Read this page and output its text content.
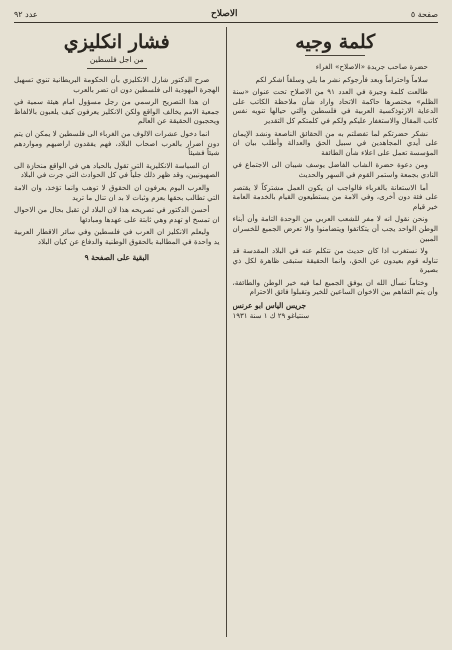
صفحة ٥
الاصلاح
عدد ٩٢
كلمة وجيه

حضرة صاحب جريدة «الاصلاح» الغراء

سلاماً واحتراماً وبعد فأرجوكم نشر ما يلي وسلفاً اشكر لكم

طالعت كلمة وجيزة في العدد ٩١ من الاصلاح تحت عنوان «سنة الظلم» مختصرها حاكمة الاتحاد واراد شأن ملاحظة الكاتب على الدعاية الارثوذكسية العربية في فلسطين والتي حيالها تنويه نفس كاتب المقال والاستغفار عليكم ولكم في كلمتكم كل التقدير

نشكر حضرتكم لما تفضلتم به من الحقائق الناصعة ونشد الإيمان على أيدي المجاهدين في سبيل الحق والعدالة وأطلب بيان ان المؤسسة تعمل على اعلاء شأن الطائفة

ومن دعوة حضرة الشاب الفاضل يوسف شيبان الى الاجتماع في النادي بجمعة واستمر القوم في السهر والحديث

أما الاستعانة بالغرباء فالواجب ان يكون العمل مشتركاً لا يقتصر على فئة دون أخرى، وفي الامة من يستطيعون القيام بالخدمة العامة خير قيام

ونحن نقول انه لا مفر للشعب العربي من الوحدة التامة وأن أبناء الوطن الواحد يجب أن يتكاتفوا ويتضامنوا والا تعرض الجميع للخسران المبين

ولا نستغرب اذا كان حديث من نتكلم عنه في البلاد المقدسة قد تناوله قوم بعيدون عن الحق، وانما الحقيقة ستبقى ظاهرة لكل ذي بصيرة

وختاماً نسأل الله ان يوفق الجميع لما فيه خير الوطن والطائفة، وأن يتم التفاهم بين الاخوان الساعين للخير وتقبلوا فائق الاحترام

جريس الياس ابو عرنس
سنتياغو ٢٩ ك ١ سنة ١٩٣١
فشار انكليزي
من اجل فلسطين

صرح الدكتور شارل الانكليزي بأن الحكومة البريطانية تنوي تسهيل الهجرة اليهودية الى فلسطين دون ان تضر بالعرب

ان هذا التصريح الرسمي من رجل مسؤول امام هيئة سمية في جمعية الامم يخالف الواقع ولكن الانكليز يعرفون كيف يلعبون بالالفاظ ويحجبون الحقيقة عن العالم

انما دخول عشرات الالوف من الغرباء الى فلسطين لا يمكن ان يتم دون اضرار بالعرب اصحاب البلاد، فهم يفقدون اراضيهم ومواردهم شيئاً فشيئاً

ان السياسة الانكليزية التي تقول بالحياد هي في الواقع منحازة الى الصهيونيين، وقد ظهر ذلك جلياً في كل الحوادث التي جرت في البلاد

والعرب اليوم يعرفون ان الحقوق لا توهب وانما تؤخذ، وان الامة التي تطالب بحقها بعزم وثبات لا بد ان تنال ما تريد

أحسن الدكتور في تصريحه هذا لان البلاد لن تقبل بحال من الاحوال ان تمسخ او تهدم وهي ثابتة على عهدها ومبادئها

وليعلم الانكليز ان العرب في فلسطين وفي سائر الاقطار العربية يد واحدة في المطالبة بالحقوق الوطنية والدفاع عن كيان البلاد

البقية على الصفحة ٩
